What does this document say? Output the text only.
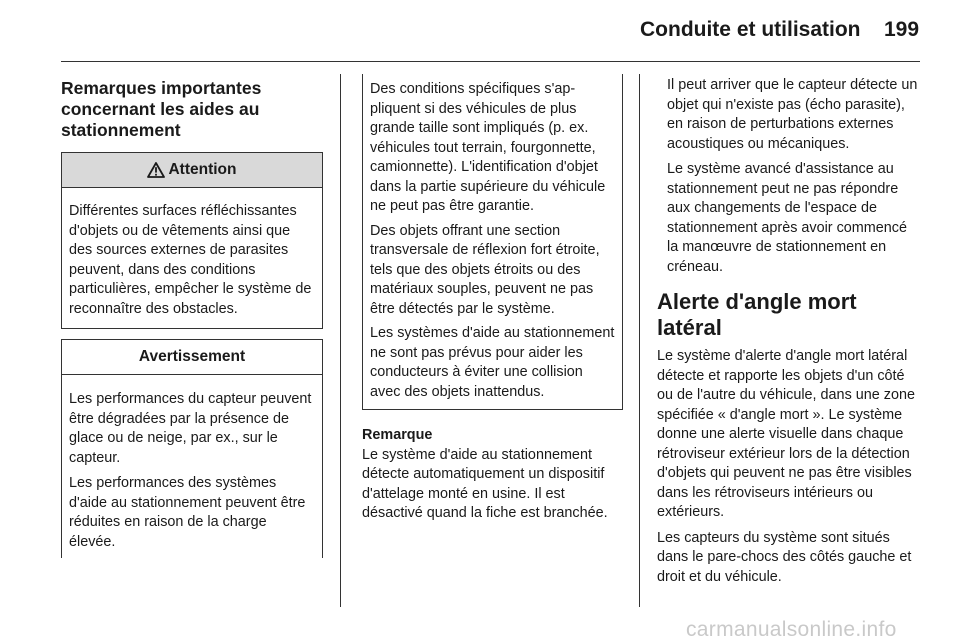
Conduite et utilisation 199
Remarques importantes concernant les aides au stationnement
Attention

Différentes surfaces réfléchissantes d'objets ou de vêtements ainsi que des sources externes de parasites peuvent, dans des conditions particulières, empêcher le système de reconnaître des obstacles.

Avertissement

Les performances du capteur peuvent être dégradées par la présence de glace ou de neige, par ex., sur le capteur.

Les performances des systèmes d'aide au stationnement peuvent être réduites en raison de la charge élevée.

Des conditions spécifiques s'appliquent si des véhicules de plus grande taille sont impliqués (p. ex. véhicules tout terrain, fourgonnette, camionnette). L'identification d'objet dans la partie supérieure du véhicule ne peut pas être garantie.

Des objets offrant une section transversale de réflexion fort étroite, tels que des objets étroits ou des matériaux souples, peuvent ne pas être détectés par le système.

Les systèmes d'aide au stationnement ne sont pas prévus pour aider les conducteurs à éviter une collision avec des objets inattendus.

Remarque

Le système d'aide au stationnement détecte automatiquement un dispositif d'attelage monté en usine. Il est désactivé quand la fiche est branchée.

Il peut arriver que le capteur détecte un objet qui n'existe pas (écho parasite), en raison de perturbations externes acoustiques ou mécaniques.

Le système avancé d'assistance au stationnement peut ne pas répondre aux changements de l'espace de stationnement après avoir commencé la manœuvre de stationnement en créneau.

Alerte d'angle mort latéral

Le système d'alerte d'angle mort latéral détecte et rapporte les objets d'un côté ou de l'autre du véhicule, dans une zone spécifiée « d'angle mort ». Le système donne une alerte visuelle dans chaque rétroviseur extérieur lors de la détection d'objets qui peuvent ne pas être visibles dans les rétroviseurs intérieurs ou extérieurs.

Les capteurs du système sont situés dans le pare-chocs des côtés gauche et droit et du véhicule.

carmanualsonline.info
